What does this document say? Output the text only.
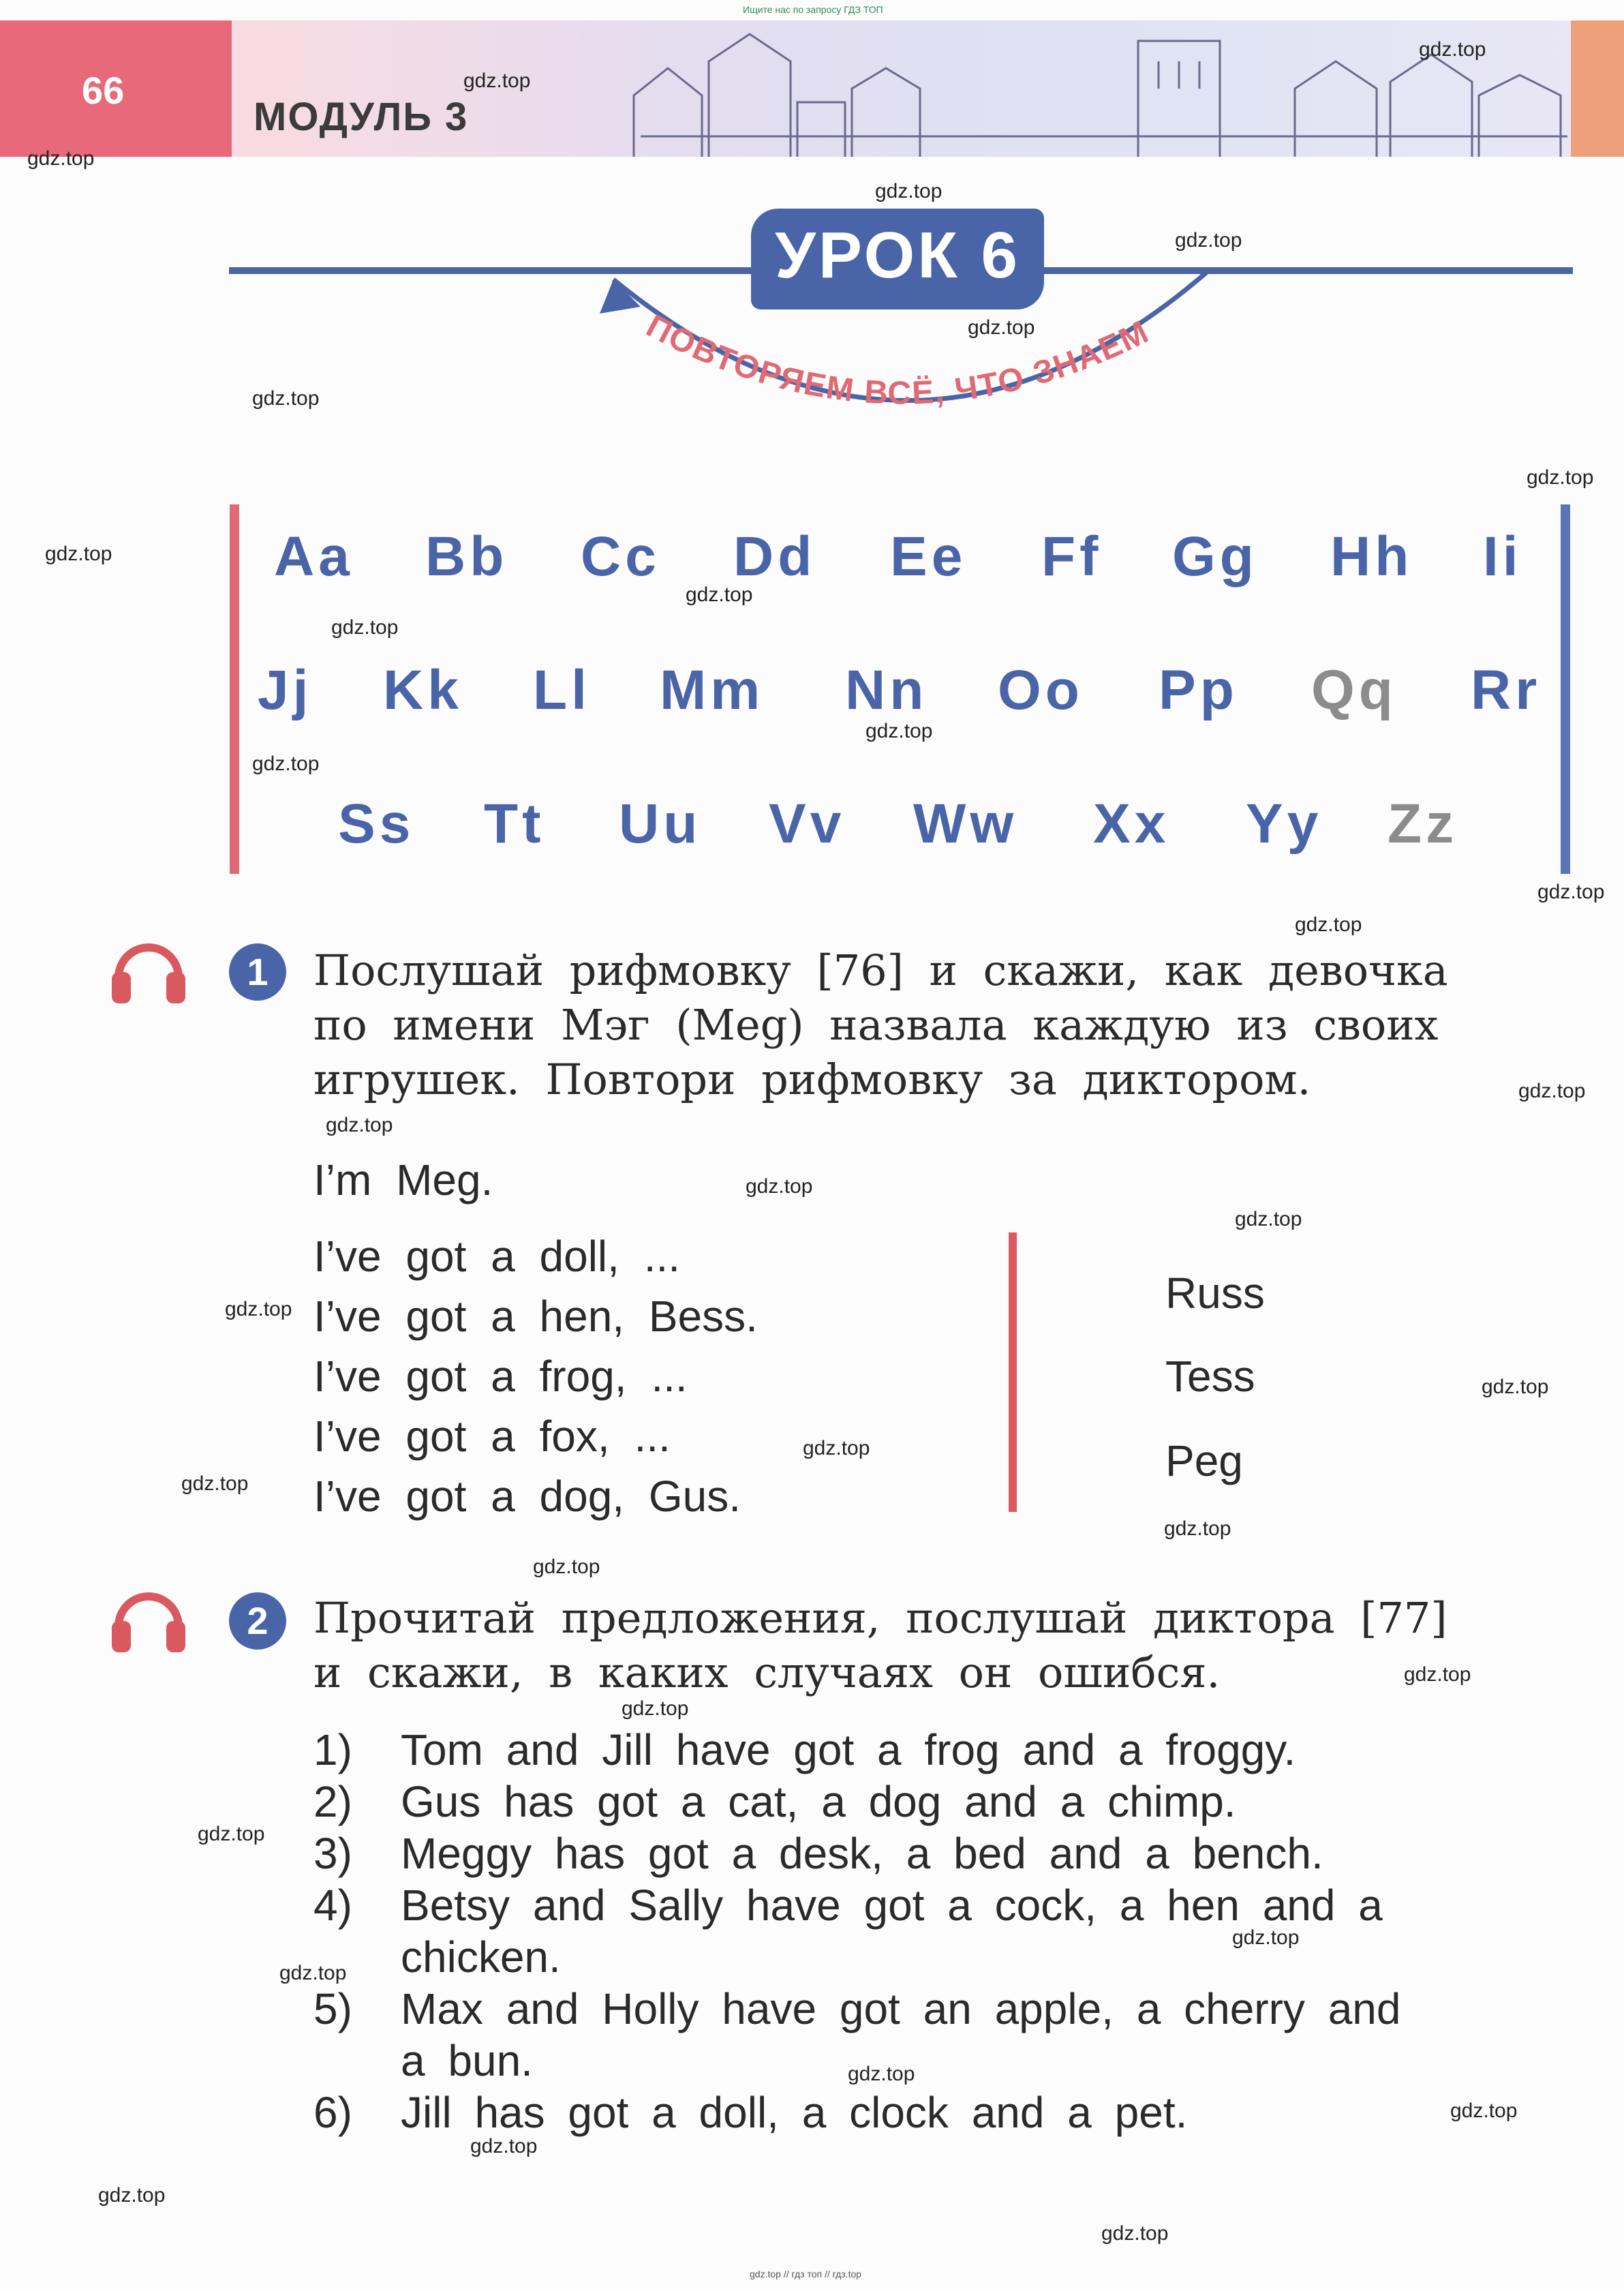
Ищите нас по запросу ГДЗ ТОП
66
МОДУЛЬ 3
ПОВТОРЯЕМ ВСЁ, ЧТО ЗНАЕМ
УРОК 6
Aa Bb Cc Dd Ee Ff Gg Hh Ii
Jj Kk Ll Mm Nn Oo Pp Qq Rr
Ss Tt Uu Vv Ww Xx Yy Zz
1	Послушай рифмовку [76] и скажи, как девочка
по имени Мэг (Meg) назвала каждую из своих
игрушек. Повтори рифмовку за диктором.
I’m Meg.
I’ve got a doll, ...
I’ve got a hen, Bess.
I’ve got a frog, ...
I’ve got a fox, ...
I’ve got a dog, Gus.
Russ
Tess
Peg
2	Прочитай предложения, послушай диктора [77]
и скажи, в каких случаях он ошибся.
1) Tom and Jill have got a frog and a froggy.
2) Gus has got a cat, a dog and a chimp.
3) Meggy has got a desk, a bed and a bench.
4) Betsy and Sally have got a cock, a hen and a
chicken.
5) Max and Holly have got an apple, a cherry and
a bun.
6) Jill has got a doll, a clock and a pet.
gdz.top
gdz.top
gdz.top
gdz.top
gdz.top
gdz.top
gdz.top
gdz.top
gdz.top
gdz.top
gdz.top
gdz.top
gdz.top
gdz.top
gdz.top
gdz.top
gdz.top
gdz.top
gdz.top
gdz.top
gdz.top
gdz.top
gdz.top
gdz.top
gdz.top
gdz.top
gdz.top
gdz.top
gdz.top
gdz.top
gdz.top
gdz.top
gdz.top
gdz.top
gdz.top
gdz.top // гдз топ // гдз.top
